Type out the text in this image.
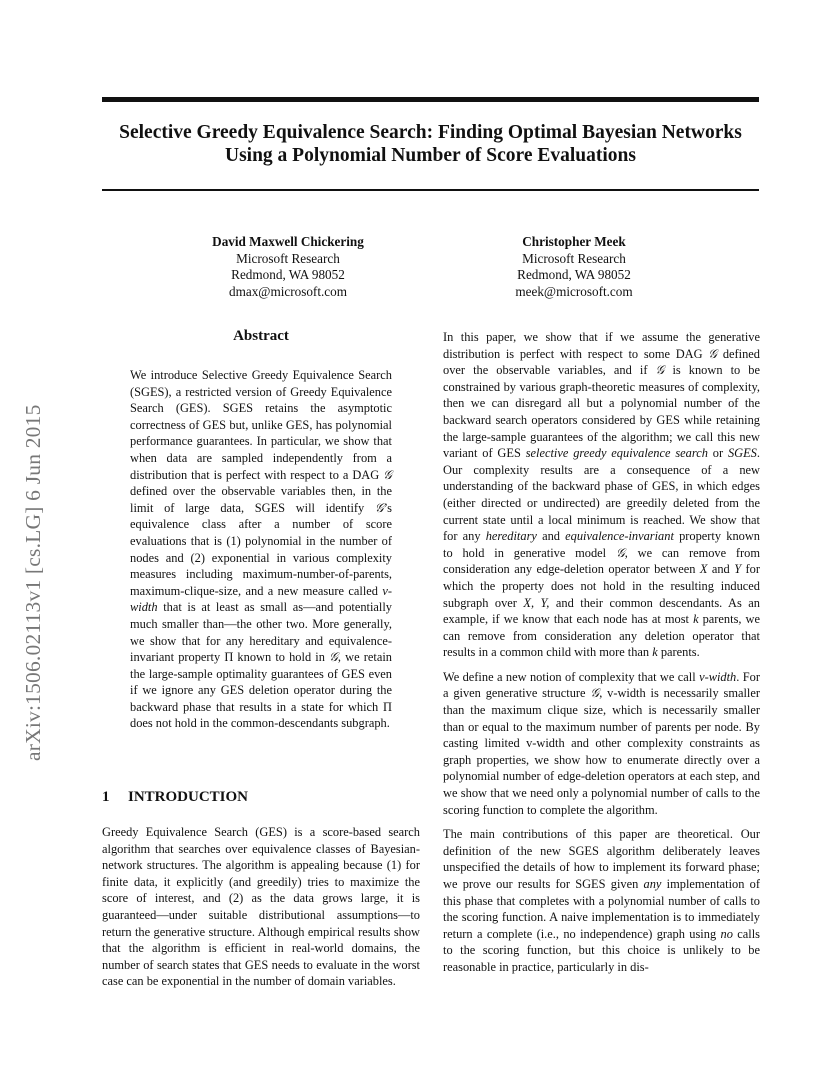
arXiv:1506.02113v1 [cs.LG] 6 Jun 2015
Selective Greedy Equivalence Search: Finding Optimal Bayesian Networks
Using a Polynomial Number of Score Evaluations
David Maxwell Chickering
Microsoft Research
Redmond, WA 98052
dmax@microsoft.com
Christopher Meek
Microsoft Research
Redmond, WA 98052
meek@microsoft.com
Abstract

We introduce Selective Greedy Equivalence Search (SGES), a restricted version of Greedy Equivalence Search (GES). SGES retains the asymptotic correctness of GES but, unlike GES, has polynomial performance guarantees. In particular, we show that when data are sampled independently from a distribution that is perfect with respect to a DAG 𝒢 defined over the observable variables then, in the limit of large data, SGES will identify 𝒢’s equivalence class after a number of score evaluations that is (1) polynomial in the number of nodes and (2) exponential in various complexity measures including maximum-number-of-parents, maximum-clique-size, and a new measure called v-width that is at least as small as—and potentially much smaller than—the other two. More generally, we show that for any hereditary and equivalence-invariant property Π known to hold in 𝒢, we retain the large-sample optimality guarantees of GES even if we ignore any GES deletion operator during the backward phase that results in a state for which Π does not hold in the common-descendants subgraph.

1 INTRODUCTION

Greedy Equivalence Search (GES) is a score-based search algorithm that searches over equivalence classes of Bayesian-network structures. The algorithm is appealing because (1) for finite data, it explicitly (and greedily) tries to maximize the score of interest, and (2) as the data grows large, it is guaranteed—under suitable distributional assumptions—to return the generative structure. Although empirical results show that the algorithm is efficient in real-world domains, the number of search states that GES needs to evaluate in the worst case can be exponential in the number of domain variables.

In this paper, we show that if we assume the generative distribution is perfect with respect to some DAG 𝒢 defined over the observable variables, and if 𝒢 is known to be constrained by various graph-theoretic measures of complexity, then we can disregard all but a polynomial number of the backward search operators considered by GES while retaining the large-sample guarantees of the algorithm; we call this new variant of GES selective greedy equivalence search or SGES. Our complexity results are a consequence of a new understanding of the backward phase of GES, in which edges (either directed or undirected) are greedily deleted from the current state until a local minimum is reached. We show that for any hereditary and equivalence-invariant property known to hold in generative model 𝒢, we can remove from consideration any edge-deletion operator between X and Y for which the property does not hold in the resulting induced subgraph over X, Y, and their common descendants. As an example, if we know that each node has at most k parents, we can remove from consideration any deletion operator that results in a common child with more than k parents.

We define a new notion of complexity that we call v-width. For a given generative structure 𝒢, v-width is necessarily smaller than the maximum clique size, which is necessarily smaller than or equal to the maximum number of parents per node. By casting limited v-width and other complexity constraints as graph properties, we show how to enumerate directly over a polynomial number of edge-deletion operators at each step, and we show that we need only a polynomial number of calls to the scoring function to complete the algorithm.

The main contributions of this paper are theoretical. Our definition of the new SGES algorithm deliberately leaves unspecified the details of how to implement its forward phase; we prove our results for SGES given any implementation of this phase that completes with a polynomial number of calls to the scoring function. A naive implementation is to immediately return a complete (i.e., no independence) graph using no calls to the scoring function, but this choice is unlikely to be reasonable in practice, particularly in dis-
